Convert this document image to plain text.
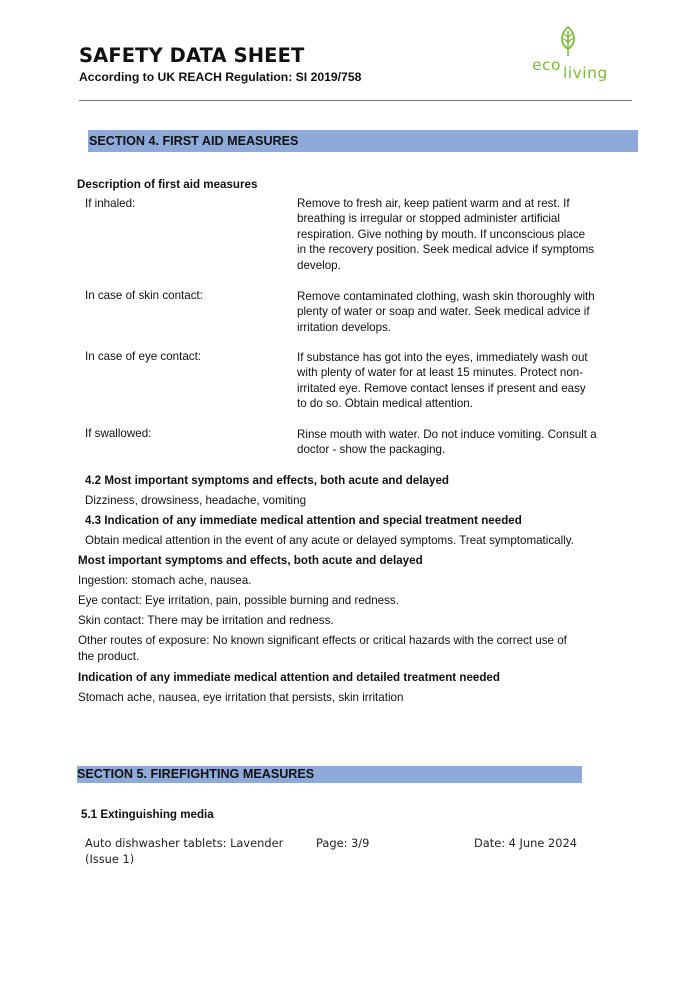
SAFETY DATA SHEET
According to UK REACH Regulation: SI 2019/758
eco living
SECTION 4. FIRST AID MEASURES
Description of first aid measures
If inhaled:	Remove to fresh air, keep patient warm and at rest. If breathing is irregular or stopped administer artificial respiration. Give nothing by mouth. If unconscious place in the recovery position. Seek medical advice if symptoms develop.
In case of skin contact:	Remove contaminated clothing, wash skin thoroughly with plenty of water or soap and water. Seek medical advice if irritation develops.
In case of eye contact:	If substance has got into the eyes, immediately wash out with plenty of water for at least 15 minutes. Protect non-irritated eye. Remove contact lenses if present and easy to do so. Obtain medical attention.
If swallowed:	Rinse mouth with water. Do not induce vomiting. Consult a doctor - show the packaging.
4.2 Most important symptoms and effects, both acute and delayed
Dizziness, drowsiness, headache, vomiting
4.3 Indication of any immediate medical attention and special treatment needed
Obtain medical attention in the event of any acute or delayed symptoms. Treat symptomatically.
Most important symptoms and effects, both acute and delayed
Ingestion: stomach ache, nausea.
Eye contact: Eye irritation, pain, possible burning and redness.
Skin contact: There may be irritation and redness.
Other routes of exposure: No known significant effects or critical hazards with the correct use of the product.
Indication of any immediate medical attention and detailed treatment needed
Stomach ache, nausea, eye irritation that persists, skin irritation
SECTION 5. FIREFIGHTING MEASURES
5.1 Extinguishing media
Auto dishwasher tablets: Lavender
(Issue 1)
Page: 3/9	Date: 4 June 2024
